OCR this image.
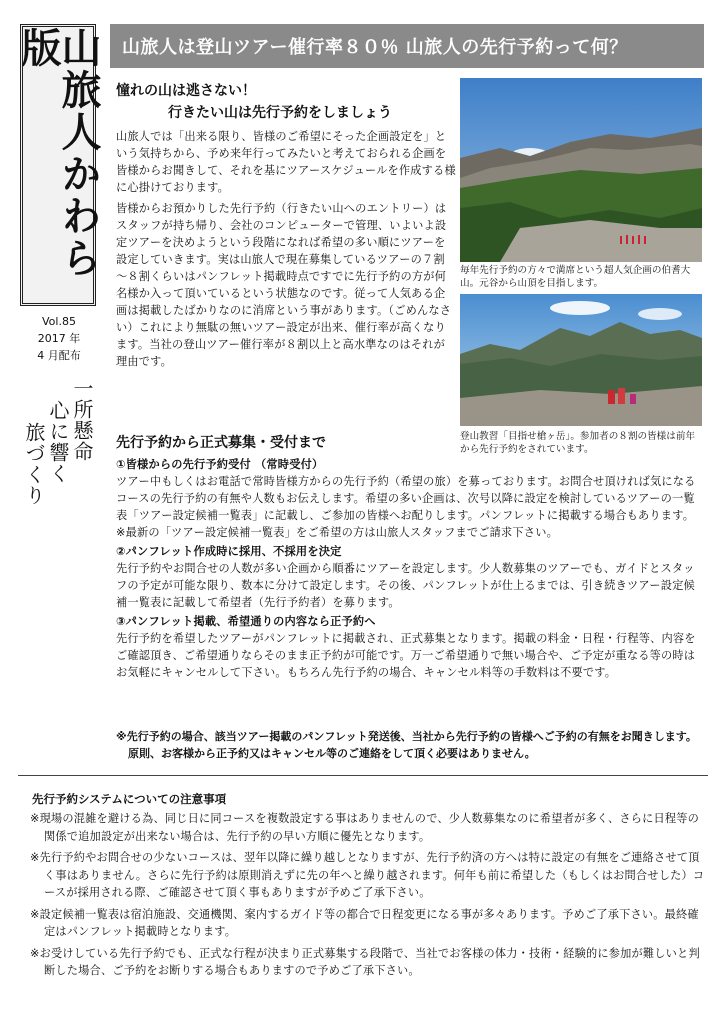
山旅人かわら版
Vol.85
2017 年
4 月配布
一所懸命
心に響く
旅づくり
山旅人は登山ツアー催行率８０％ 山旅人の先行予約って何？
憧れの山は逃さない！
行きたい山は先行予約をしましょう

山旅人では「出来る限り、皆様のご希望にそった企画設定を」という気持ちから、予め来年行ってみたいと考えておられる企画を皆様からお聞きして、それを基にツアースケジュールを作成する様に心掛けております。

皆様からお預かりした先行予約（行きたい山へのエントリー）はスタッフが持ち帰り、会社のコンピューターで管理、いよいよ設定ツアーを決めようという段階になれば希望の多い順にツアーを設定していきます。実は山旅人で現在募集しているツアーの７割～８割くらいはパンフレット掲載時点ですでに先行予約の方が何名様か入って頂いているという状態なのです。従って人気ある企画は掲載したばかりなのに消席という事があります。（ごめんなさい）これにより無駄の無いツアー設定が出来、催行率が高くなります。当社の登山ツアー催行率が８割以上と高水準なのはそれが理由です。

毎年先行予約の方々で満席という超人気企画の伯耆大山。元谷から山頂を目指します。
登山教習「目指せ槍ヶ岳」。参加者の８割の皆様は前年から先行予約をされています。
先行予約から正式募集・受付まで
①皆様からの先行予約受付 （常時受付）
ツアー中もしくはお電話で常時皆様方からの先行予約（希望の旅）を募っております。お問合せ頂ければ気になるコースの先行予約の有無や人数もお伝えします。希望の多い企画は、次号以降に設定を検討しているツアーの一覧表「ツアー設定候補一覧表」に記載し、ご参加の皆様へお配りします。パンフレットに掲載する場合もあります。
※最新の「ツアー設定候補一覧表」をご希望の方は山旅人スタッフまでご請求下さい。
②パンフレット作成時に採用、不採用を決定
先行予約やお問合せの人数が多い企画から順番にツアーを設定します。少人数募集のツアーでも、ガイドとスタッフの予定が可能な限り、数本に分けて設定します。その後、パンフレットが仕上るまでは、引き続きツアー設定候補一覧表に記載して希望者（先行予約者）を募ります。
③パンフレット掲載、希望通りの内容なら正予約へ
先行予約を希望したツアーがパンフレットに掲載され、正式募集となります。掲載の料金・日程・行程等、内容をご確認頂き、ご希望通りならそのまま正予約が可能です。万一ご希望通りで無い場合や、ご予定が重なる等の時はお気軽にキャンセルして下さい。もちろん先行予約の場合、キャンセル料等の手数料は不要です。
※先行予約の場合、該当ツアー掲載のパンフレット発送後、当社から先行予約の皆様へご予約の有無をお聞きします。原則、お客様から正予約又はキャンセル等のご連絡をして頂く必要はありません。
先行予約システムについての注意事項
※現場の混雑を避ける為、同じ日に同コースを複数設定する事はありませんので、少人数募集なのに希望者が多く、さらに日程等の関係で追加設定が出来ない場合は、先行予約の早い方順に優先となります。
※先行予約やお問合せの少ないコースは、翌年以降に繰り越しとなりますが、先行予約済の方へは特に設定の有無をご連絡させて頂く事はありません。さらに先行予約は原則消えずに先の年へと繰り越されます。何年も前に希望した（もしくはお問合せした）コースが採用される際、ご確認させて頂く事もありますが予めご了承下さい。
※設定候補一覧表は宿泊施設、交通機関、案内するガイド等の都合で日程変更になる事が多々あります。予めご了承下さい。最終確定はパンフレット掲載時となります。
※お受けしている先行予約でも、正式な行程が決まり正式募集する段階で、当社でお客様の体力・技術・経験的に参加が難しいと判断した場合、ご予約をお断りする場合もありますので予めご了承下さい。
